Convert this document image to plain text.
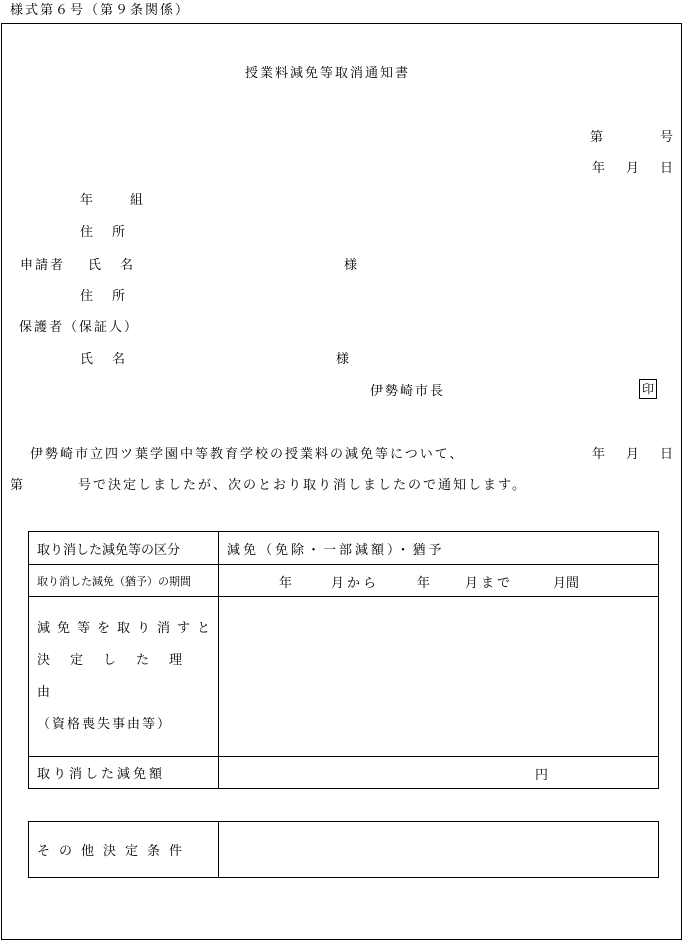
様式第６号（第９条関係）
授業料減免等取消通知書
第	号
年 月 日
年	組
住 所
申請者 氏 名	様
住 所
保護者（保証人）
氏 名	様
伊勢崎市長	印
伊勢崎市立四ツ葉学園中等教育学校の授業料の減免等について、	年 月 日
第	号で決定しましたが、次のとおり取り消しましたので通知します。
取り消した減免等の区分	減免（免除・一部減額）・猶予
取り消した減免（猶予）の期間	年 月から 年 月まで 月間

減免等を取り消すと
決定した理由
（資格喪失事由等）	

取り消した減免額	円
その他決定条件	
